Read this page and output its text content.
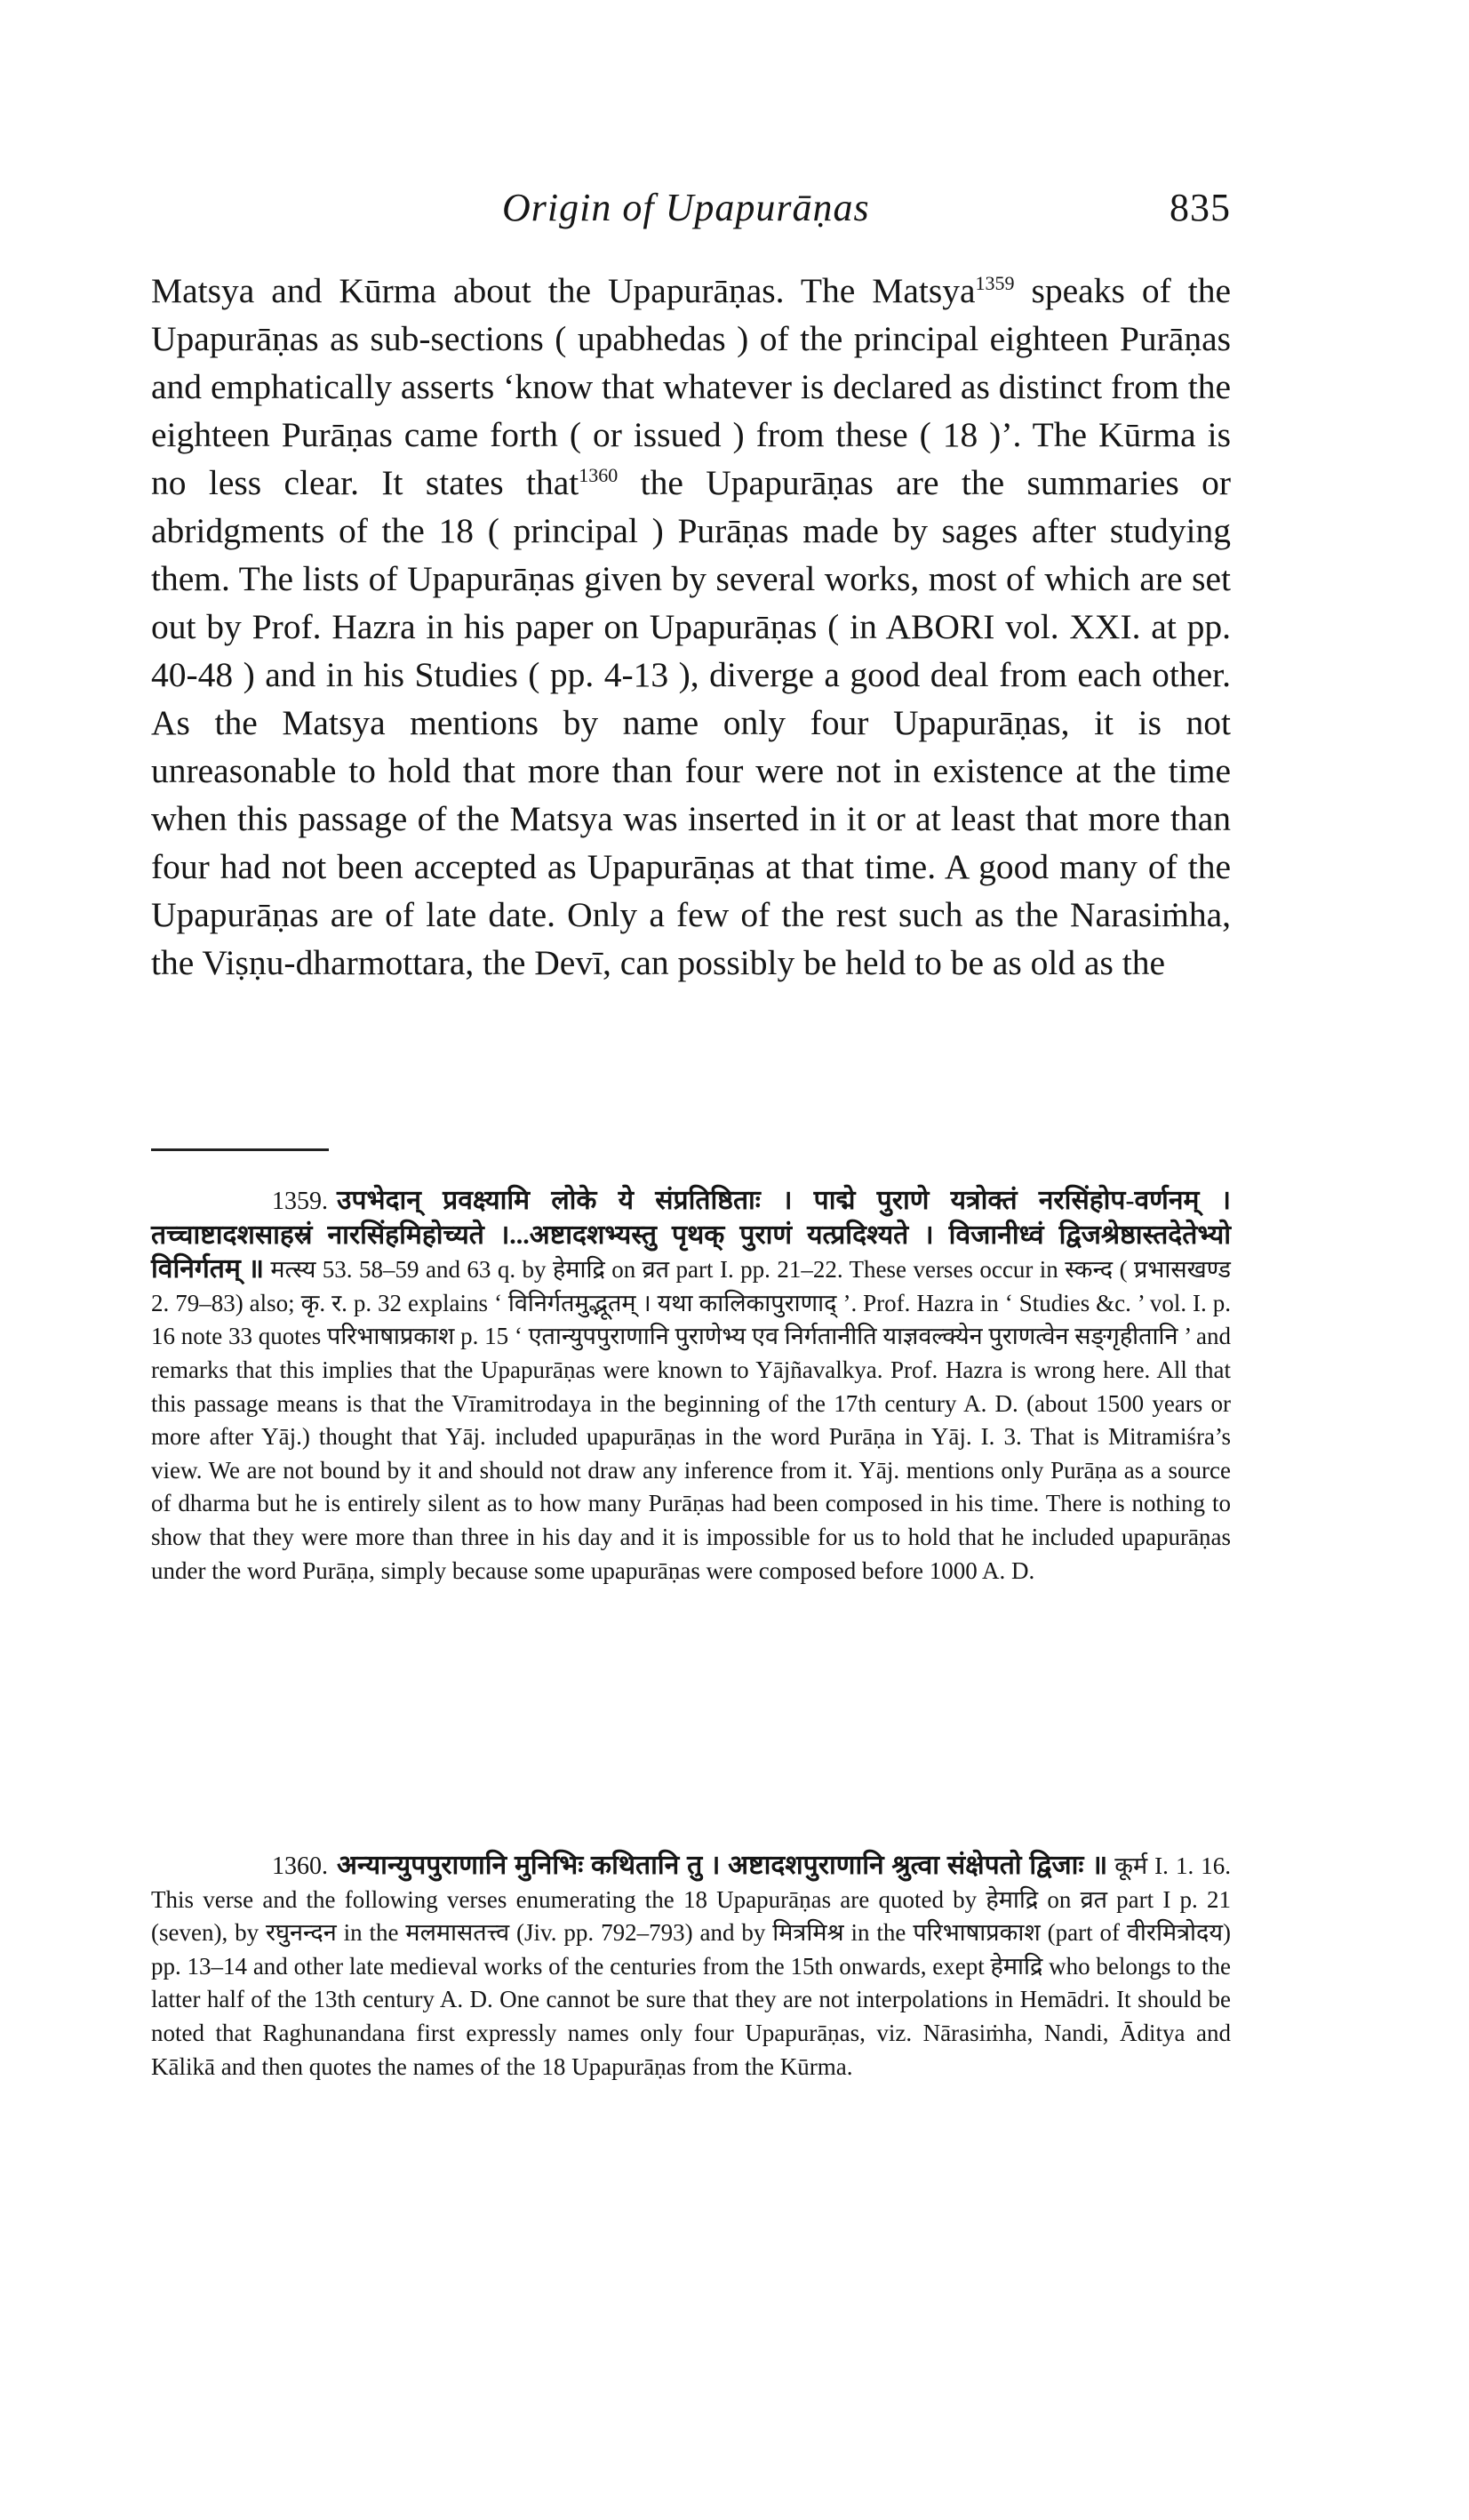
Origin of Upapurāṇas	835
Matsya and Kūrma about the Upapurāṇas. The Matsya$^{1359}$ speaks of the Upapurāṇas as sub-sections ( upabhedas ) of the principal eighteen Purāṇas and emphatically asserts ‘know that whatever is declared as distinct from the eighteen Purāṇas came forth ( or issued ) from these ( 18 )’. The Kūrma is no less clear. It states that$^{1360}$ the Upapurāṇas are the summaries or abridgments of the 18 ( principal ) Purāṇas made by sages after studying them. The lists of Upapurāṇas given by several works, most of which are set out by Prof. Hazra in his paper on Upapurāṇas ( in ABORI vol. XXI. at pp. 40-48 ) and in his Studies ( pp. 4-13 ), diverge a good deal from each other. As the Matsya mentions by name only four Upapurāṇas, it is not unreasonable to hold that more than four were not in existence at the time when this passage of the Matsya was inserted in it or at least that more than four had not been accepted as Upapurāṇas at that time. A good many of the Upapurāṇas are of late date. Only a few of the rest such as the Narasiṁha, the Viṣṇu-dharmottara, the Devī, can possibly be held to be as old as the
1359. उपभेदान् प्रवक्ष्यामि लोके ये संप्रतिष्ठिताः । पाद्मे पुराणे यत्रोक्तं नरसिंहोप-वर्णनम् । तच्चाष्टादशसाहस्रं नारसिंहमिहोच्यते ।...अष्टादशभ्यस्तु पृथक् पुराणं यत्प्रदिश्यते । विजानीध्वं द्विजश्रेष्ठास्तदेतेभ्यो विनिर्गतम् ॥ मत्स्य 53. 58–59 and 63 q. by हेमाद्रि on व्रत part I. pp. 21–22. These verses occur in स्कन्द ( प्रभासखण्ड 2. 79–83) also; कृ. र. p. 32 explains ‘ विनिर्गतमुद्भूतम् । यथा कालिकापुराणाद् ’. Prof. Hazra in ‘ Studies &c. ’ vol. I. p. 16 note 33 quotes परिभाषाप्रकाश p. 15 ‘ एतान्युपपुराणानि पुराणेभ्य एव निर्गतानीति याज्ञवल्क्येन पुराणत्वेन सङ्गृहीतानि ’ and remarks that this implies that the Upapurāṇas were known to Yājñavalkya. Prof. Hazra is wrong here. All that this passage means is that the Vīramitrodaya in the beginning of the 17th century A. D. (about 1500 years or more after Yāj.) thought that Yāj. included upapurāṇas in the word Purāṇa in Yāj. I. 3. That is Mitramiśra’s view. We are not bound by it and should not draw any inference from it. Yāj. mentions only Purāṇa as a source of dharma but he is entirely silent as to how many Purāṇas had been composed in his time. There is nothing to show that they were more than three in his day and it is impossible for us to hold that he included upapurāṇas under the word Purāṇa, simply because some upapurāṇas were composed before 1000 A. D.
1360. अन्यान्युपपुराणानि मुनिभिः कथितानि तु । अष्टादशपुराणानि श्रुत्वा संक्षेपतो द्विजाः ॥ कूर्म I. 1. 16. This verse and the following verses enumerating the 18 Upapurāṇas are quoted by हेमाद्रि on व्रत part I p. 21 (seven), by रघुनन्दन in the मलमासतत्त्व (Jiv. pp. 792–793) and by मित्रमिश्र in the परिभाषाप्रकाश (part of वीरमित्रोदय) pp. 13–14 and other late medieval works of the centuries from the 15th onwards, exept हेमाद्रि who belongs to the latter half of the 13th century A. D. One cannot be sure that they are not interpolations in Hemādri. It should be noted that Raghunandana first expressly names only four Upapurāṇas, viz. Nārasiṁha, Nandi, Āditya and Kālikā and then quotes the names of the 18 Upapurāṇas from the Kūrma.
